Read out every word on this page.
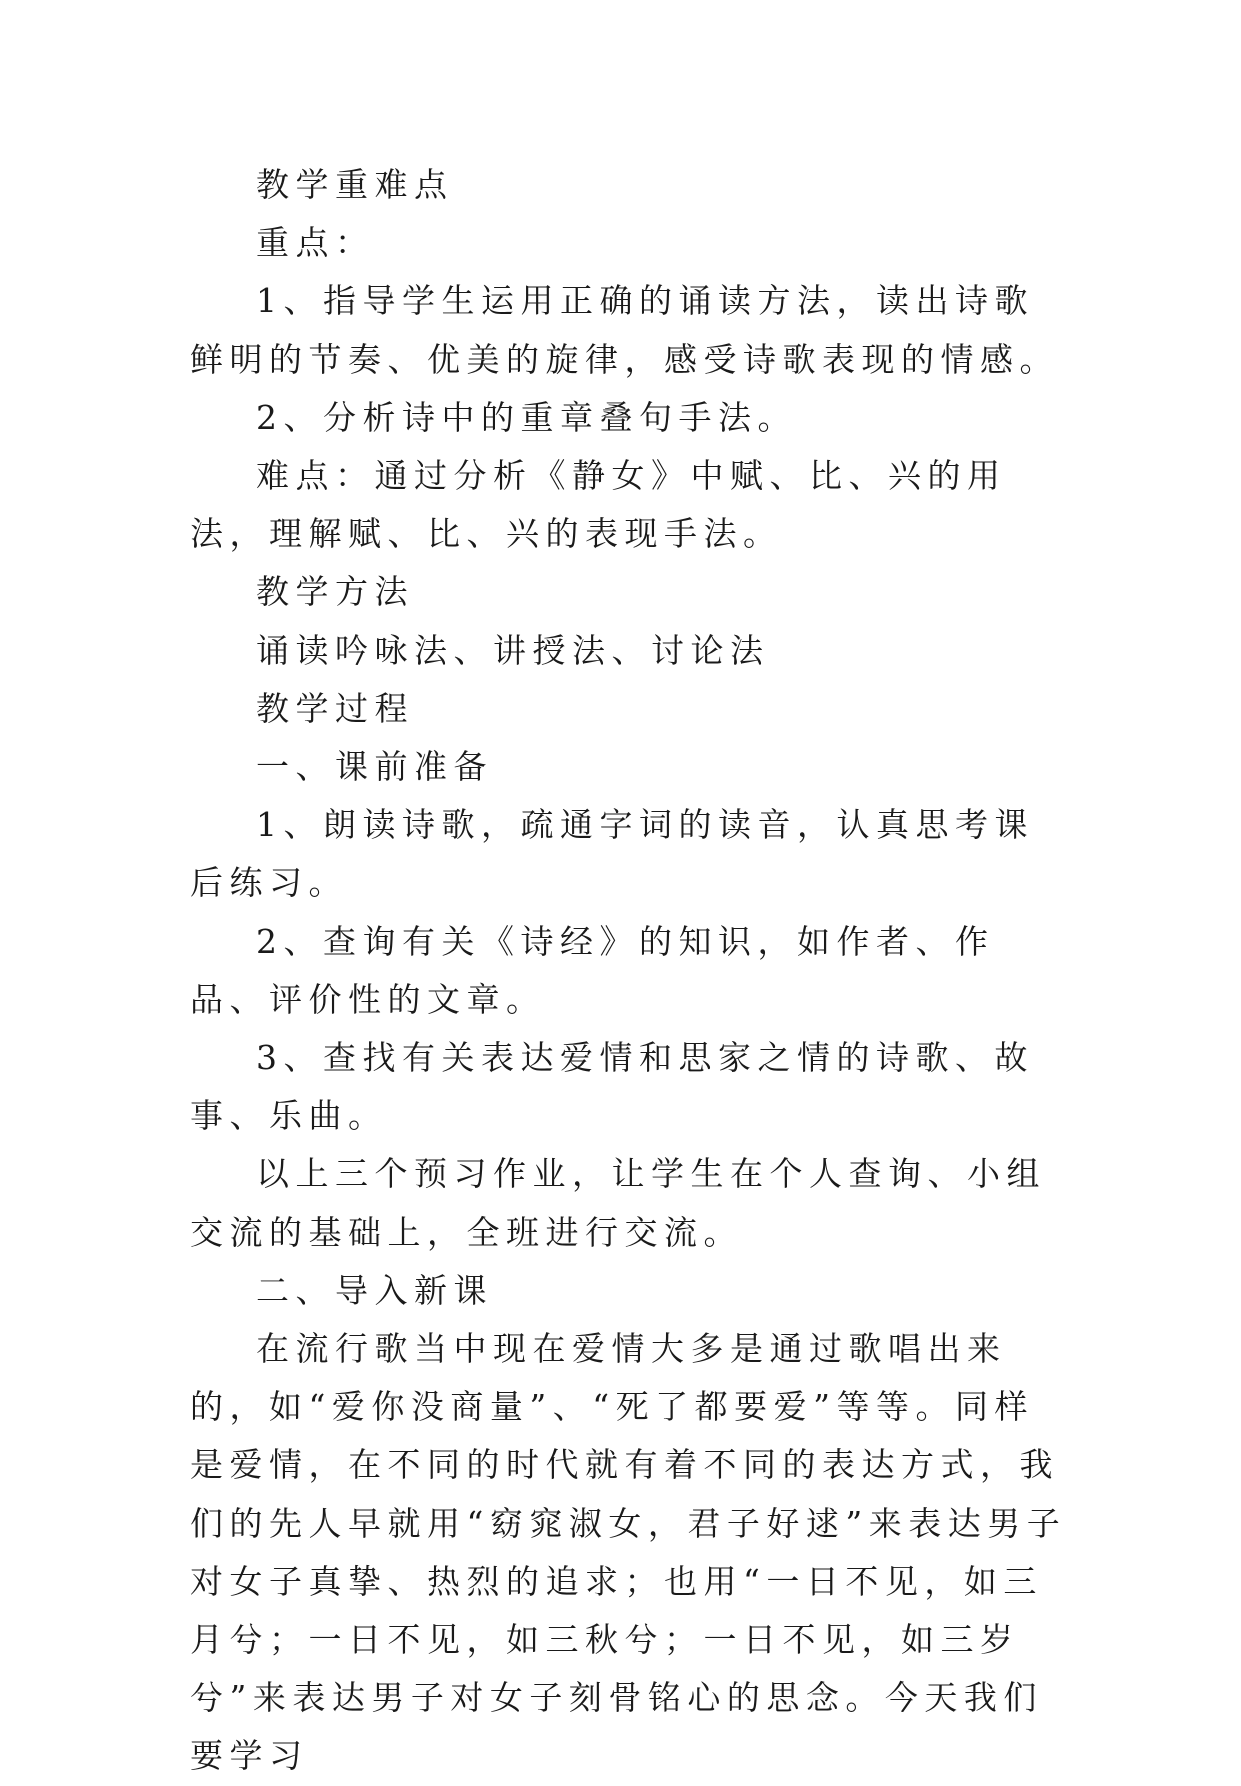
教学重难点

重点：

1、指导学生运用正确的诵读方法，读出诗歌鲜明的节奏、优美的旋律，感受诗歌表现的情感。

2、分析诗中的重章叠句手法。

难点：通过分析《静女》中赋、比、兴的用法，理解赋、比、兴的表现手法。

教学方法

诵读吟咏法、讲授法、讨论法

教学过程

一、课前准备

1、朗读诗歌，疏通字词的读音，认真思考课后练习。

2、查询有关《诗经》的知识，如作者、作品、评价性的文章。

3、查找有关表达爱情和思家之情的诗歌、故事、乐曲。

以上三个预习作业，让学生在个人查询、小组交流的基础上，全班进行交流。

二、导入新课

在流行歌当中现在爱情大多是通过歌唱出来的，如“爱你没商量”、“死了都要爱”等等。同样是爱情，在不同的时代就有着不同的表达方式，我们的先人早就用“窈窕淑女，君子好逑”来表达男子对女子真挚、热烈的追求；也用“一日不见，如三月兮；一日不见，如三秋兮；一日不见，如三岁兮”来表达男子对女子刻骨铭心的思念。今天我们要学习
